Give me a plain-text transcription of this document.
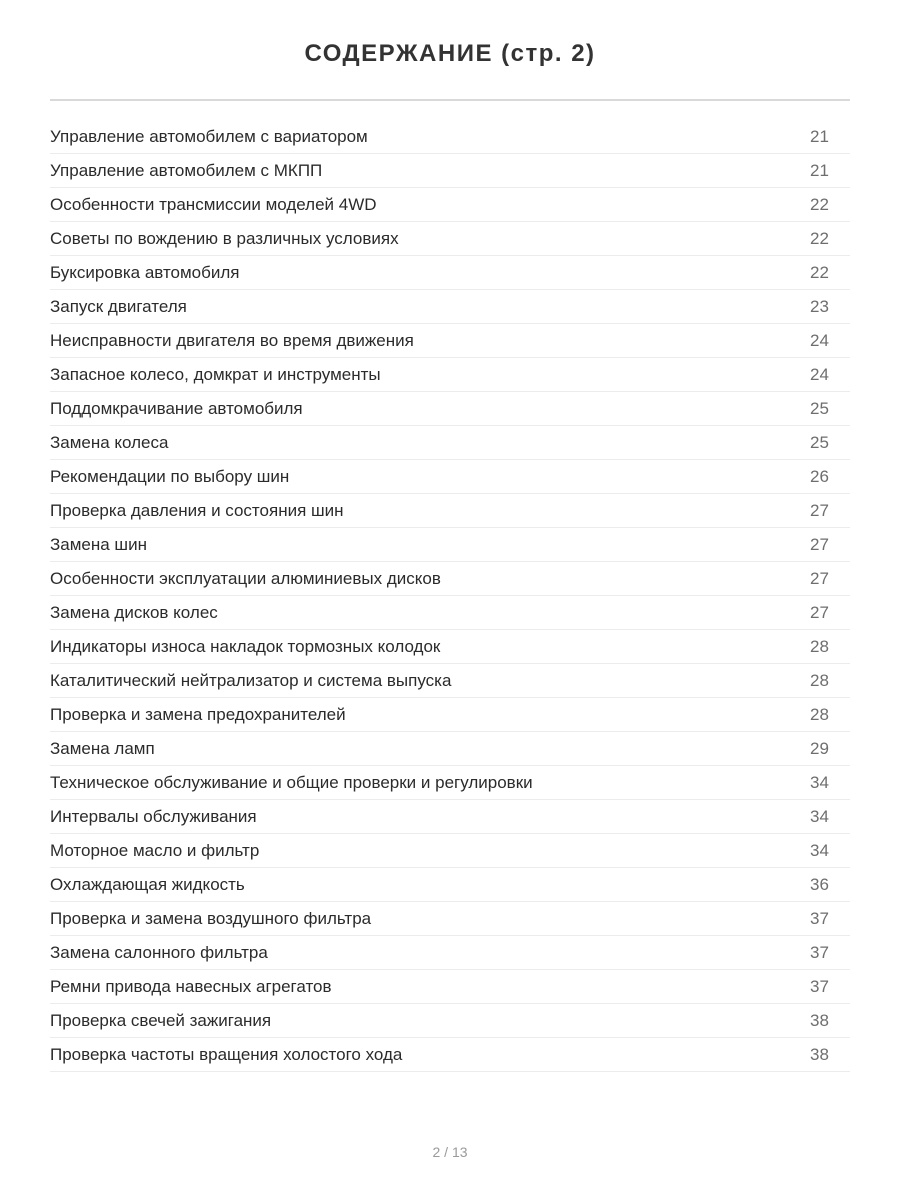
СОДЕРЖАНИЕ (стр. 2)
Управление автомобилем с вариатором	21
Управление автомобилем с МКПП	21
Особенности трансмиссии моделей 4WD	22
Советы по вождению в различных условиях	22
Буксировка автомобиля	22
Запуск двигателя	23
Неисправности двигателя во время движения	24
Запасное колесо, домкрат и инструменты	24
Поддомкрачивание автомобиля	25
Замена колеса	25
Рекомендации по выбору шин	26
Проверка давления и состояния шин	27
Замена шин	27
Особенности эксплуатации алюминиевых дисков	27
Замена дисков колес	27
Индикаторы износа накладок тормозных колодок	28
Каталитический нейтрализатор и система выпуска	28
Проверка и замена предохранителей	28
Замена ламп	29
Техническое обслуживание и общие проверки и регулировки	34
Интервалы обслуживания	34
Моторное масло и фильтр	34
Охлаждающая жидкость	36
Проверка и замена воздушного фильтра	37
Замена салонного фильтра	37
Ремни привода навесных агрегатов	37
Проверка свечей зажигания	38
Проверка частоты вращения холостого хода	38
2 / 13
